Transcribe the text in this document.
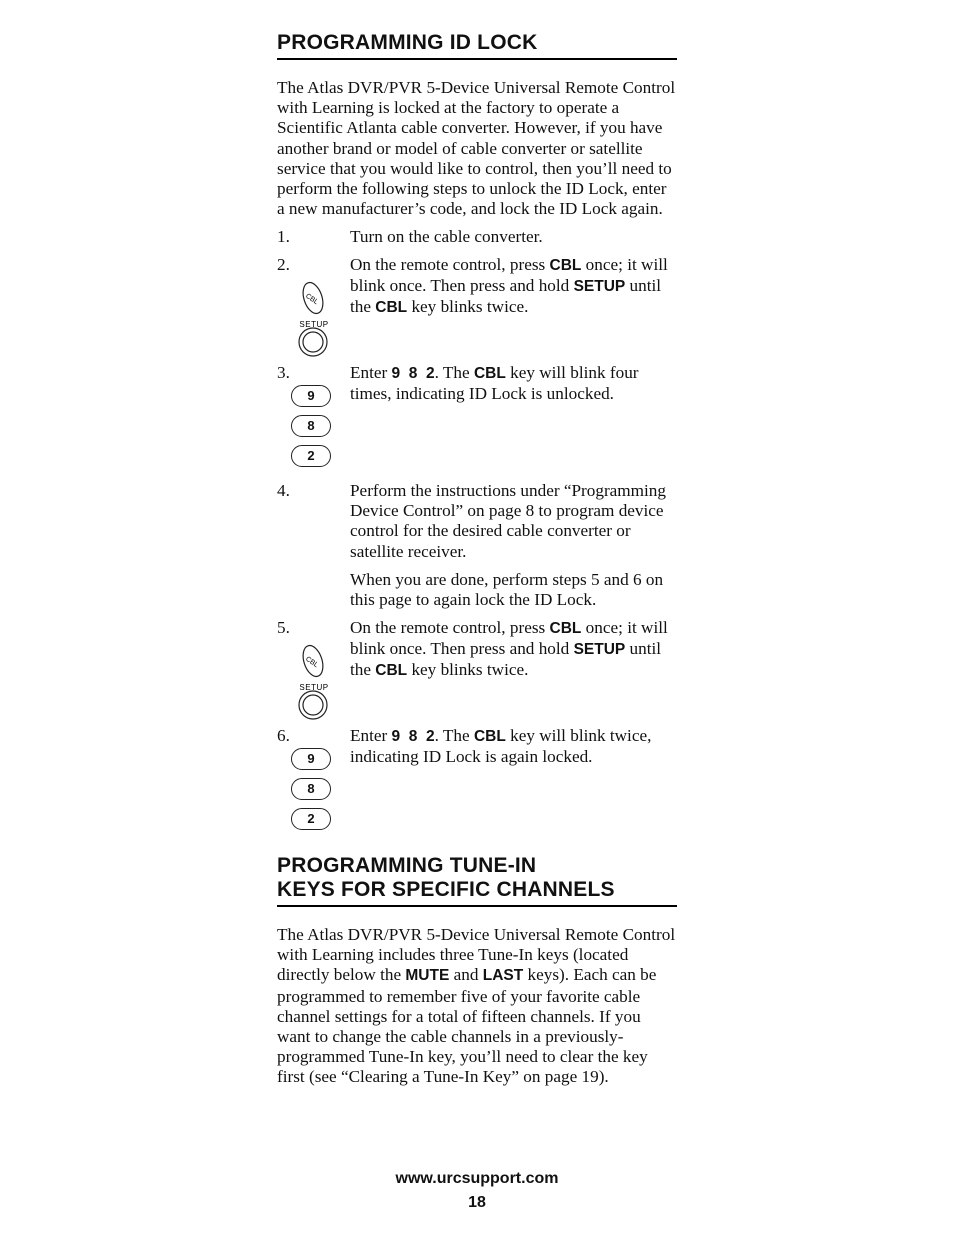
PROGRAMMING ID LOCK

The Atlas DVR/PVR 5-Device Universal Remote Control with Learning is locked at the factory to operate a Scientific Atlanta cable converter. However, if you have another brand or model of cable converter or satellite service that you would like to control, then you’ll need to perform the following steps to unlock the ID Lock, enter a new manufacturer’s code, and lock the ID Lock again.

1.	Turn on the cable converter.
2.	On the remote control, press CBL once; it will blink once. Then press and hold SETUP until the CBL key blinks twice.
CBL
SETUP
3.	Enter 9  8  2. The CBL key will blink four times, indicating ID Lock is unlocked.
9
8
2
4.	Perform the instructions under “Programming Device Control” on page 8 to program device control for the desired cable converter or satellite receiver.
When you are done, perform steps 5 and 6 on this page to again lock the ID Lock.
5.	On the remote control, press CBL once; it will blink once. Then press and hold SETUP until the CBL key blinks twice.
CBL
SETUP
6.	Enter 9  8  2. The CBL key will blink twice, indicating ID Lock is again locked.
9
8
2
PROGRAMMING TUNE-IN
KEYS FOR SPECIFIC CHANNELS

The Atlas DVR/PVR 5-Device Universal Remote Control with Learning includes three Tune-In keys (located directly below the MUTE and LAST keys). Each can be programmed to remember five of your favorite cable channel settings for a total of fifteen channels. If you want to change the cable channels in a previously-programmed Tune-In key, you’ll need to clear the key first (see “Clearing a Tune-In Key” on page 19).

www.urcsupport.com
18
